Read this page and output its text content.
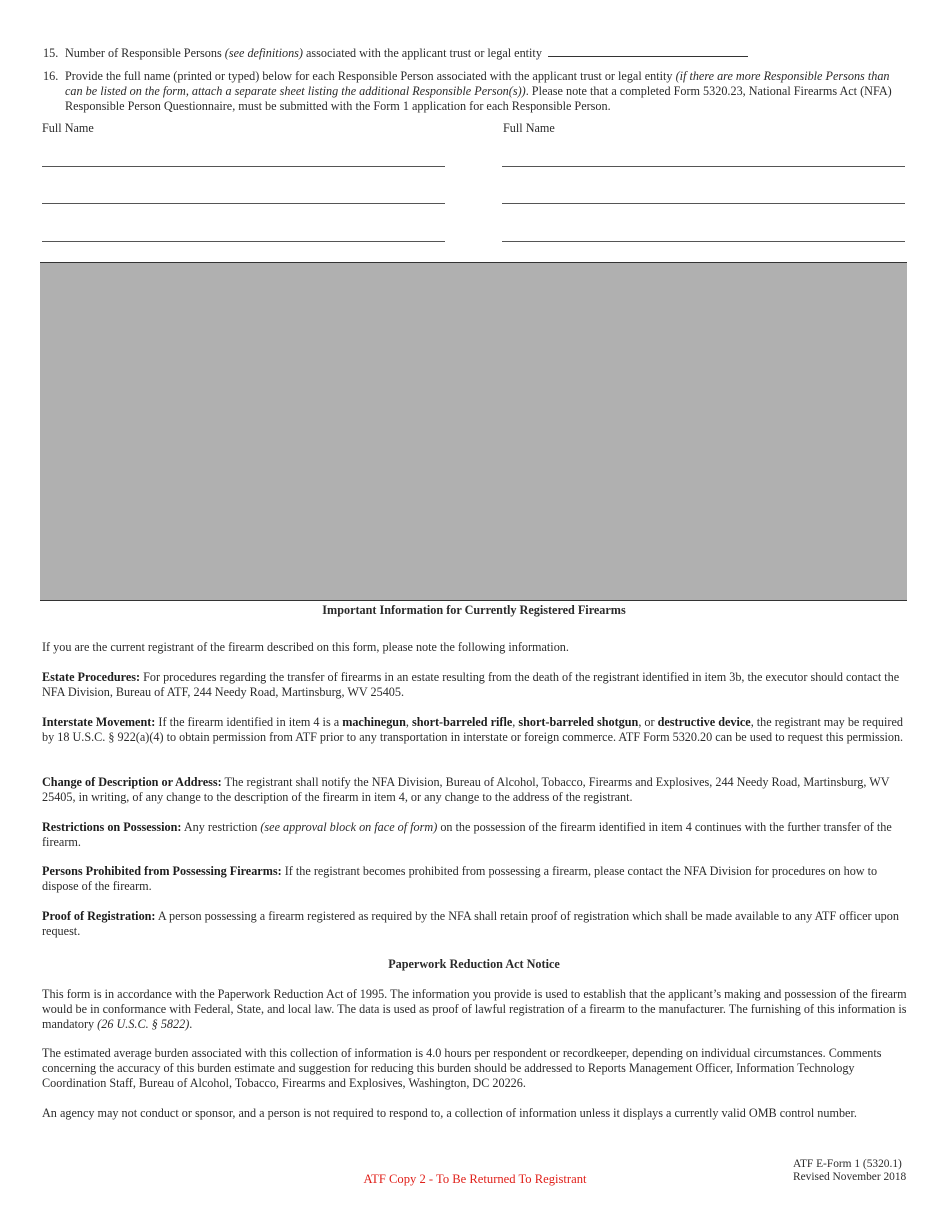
15. Number of Responsible Persons (see definitions) associated with the applicant trust or legal entity
16. Provide the full name (printed or typed) below for each Responsible Person associated with the applicant trust or legal entity (if there are more Responsible Persons than can be listed on the form, attach a separate sheet listing the additional Responsible Person(s)). Please note that a completed Form 5320.23, National Firearms Act (NFA) Responsible Person Questionnaire, must be submitted with the Form 1 application for each Responsible Person.
Full Name	Full Name
Important Information for Currently Registered Firearms
If you are the current registrant of the firearm described on this form, please note the following information.
Estate Procedures: For procedures regarding the transfer of firearms in an estate resulting from the death of the registrant identified in item 3b, the executor should contact the NFA Division, Bureau of ATF, 244 Needy Road, Martinsburg, WV 25405.
Interstate Movement: If the firearm identified in item 4 is a machinegun, short-barreled rifle, short-barreled shotgun, or destructive device, the registrant may be required by 18 U.S.C. § 922(a)(4) to obtain permission from ATF prior to any transportation in interstate or foreign commerce. ATF Form 5320.20 can be used to request this permission.
Change of Description or Address: The registrant shall notify the NFA Division, Bureau of Alcohol, Tobacco, Firearms and Explosives, 244 Needy Road, Martinsburg, WV 25405, in writing, of any change to the description of the firearm in item 4, or any change to the address of the registrant.
Restrictions on Possession: Any restriction (see approval block on face of form) on the possession of the firearm identified in item 4 continues with the further transfer of the firearm.
Persons Prohibited from Possessing Firearms: If the registrant becomes prohibited from possessing a firearm, please contact the NFA Division for procedures on how to dispose of the firearm.
Proof of Registration: A person possessing a firearm registered as required by the NFA shall retain proof of registration which shall be made available to any ATF officer upon request.
Paperwork Reduction Act Notice
This form is in accordance with the Paperwork Reduction Act of 1995. The information you provide is used to establish that the applicant’s making and possession of the firearm would be in conformance with Federal, State, and local law. The data is used as proof of lawful registration of a firearm to the manufacturer. The furnishing of this information is mandatory (26 U.S.C. § 5822).
The estimated average burden associated with this collection of information is 4.0 hours per respondent or recordkeeper, depending on individual circumstances. Comments concerning the accuracy of this burden estimate and suggestion for reducing this burden should be addressed to Reports Management Officer, Information Technology Coordination Staff, Bureau of Alcohol, Tobacco, Firearms and Explosives, Washington, DC 20226.
An agency may not conduct or sponsor, and a person is not required to respond to, a collection of information unless it displays a currently valid OMB control number.
ATF Copy 2 - To Be Returned To Registrant
ATF E-Form 1 (5320.1)
Revised November 2018
